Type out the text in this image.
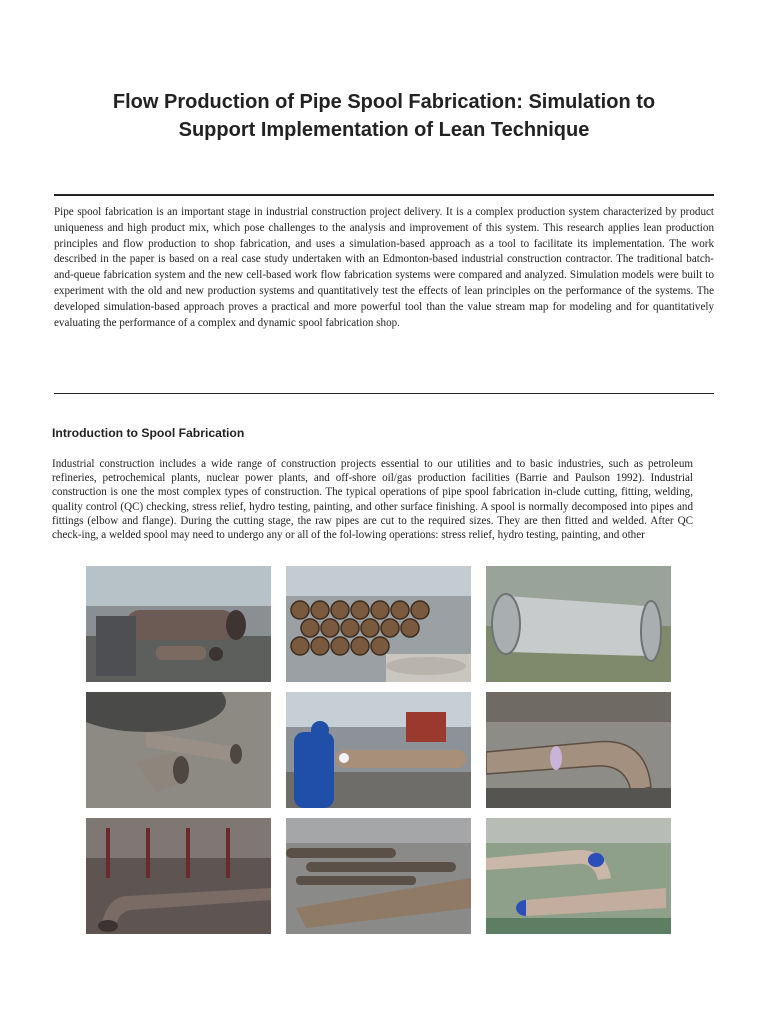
Flow Production of Pipe Spool Fabrication: Simulation to
Support Implementation of Lean Technique

Pipe spool fabrication is an important stage in industrial construction project delivery. It is a complex production system characterized by product uniqueness and high product mix, which pose challenges to the analysis and improvement of this system. This research applies lean production principles and flow production to shop fabrication, and uses a simulation-based approach as a tool to facilitate its implementation. The work described in the paper is based on a real case study undertaken with an Edmonton-based industrial construction contractor. The traditional batch-and-queue fabrication system and the new cell-based work flow fabrication systems were compared and analyzed. Simulation models were built to experiment with the old and new production systems and quantitatively test the effects of lean principles on the performance of the systems. The developed simulation-based approach proves a practical and more powerful tool than the value stream map for modeling and for quantitatively evaluating the performance of a complex and dynamic spool fabrication shop.

Introduction to Spool Fabrication

Industrial construction includes a wide range of construction projects essential to our utilities and to basic industries, such as petroleum refineries, petrochemical plants, nuclear power plants, and off-shore oil/gas production facilities (Barrie and Paulson 1992). Industrial construction is one the most complex types of construction. The typical operations of pipe spool fabrication in-clude cutting, fitting, welding, quality control (QC) checking, stress relief, hydro testing, painting, and other surface finishing. A spool is normally decomposed into pipes and fittings (elbow and flange). During the cutting stage, the raw pipes are cut to the required sizes. They are then fitted and welded. After QC check-ing, a welded spool may need to undergo any or all of the fol-lowing operations: stress relief, hydro testing, painting, and other
